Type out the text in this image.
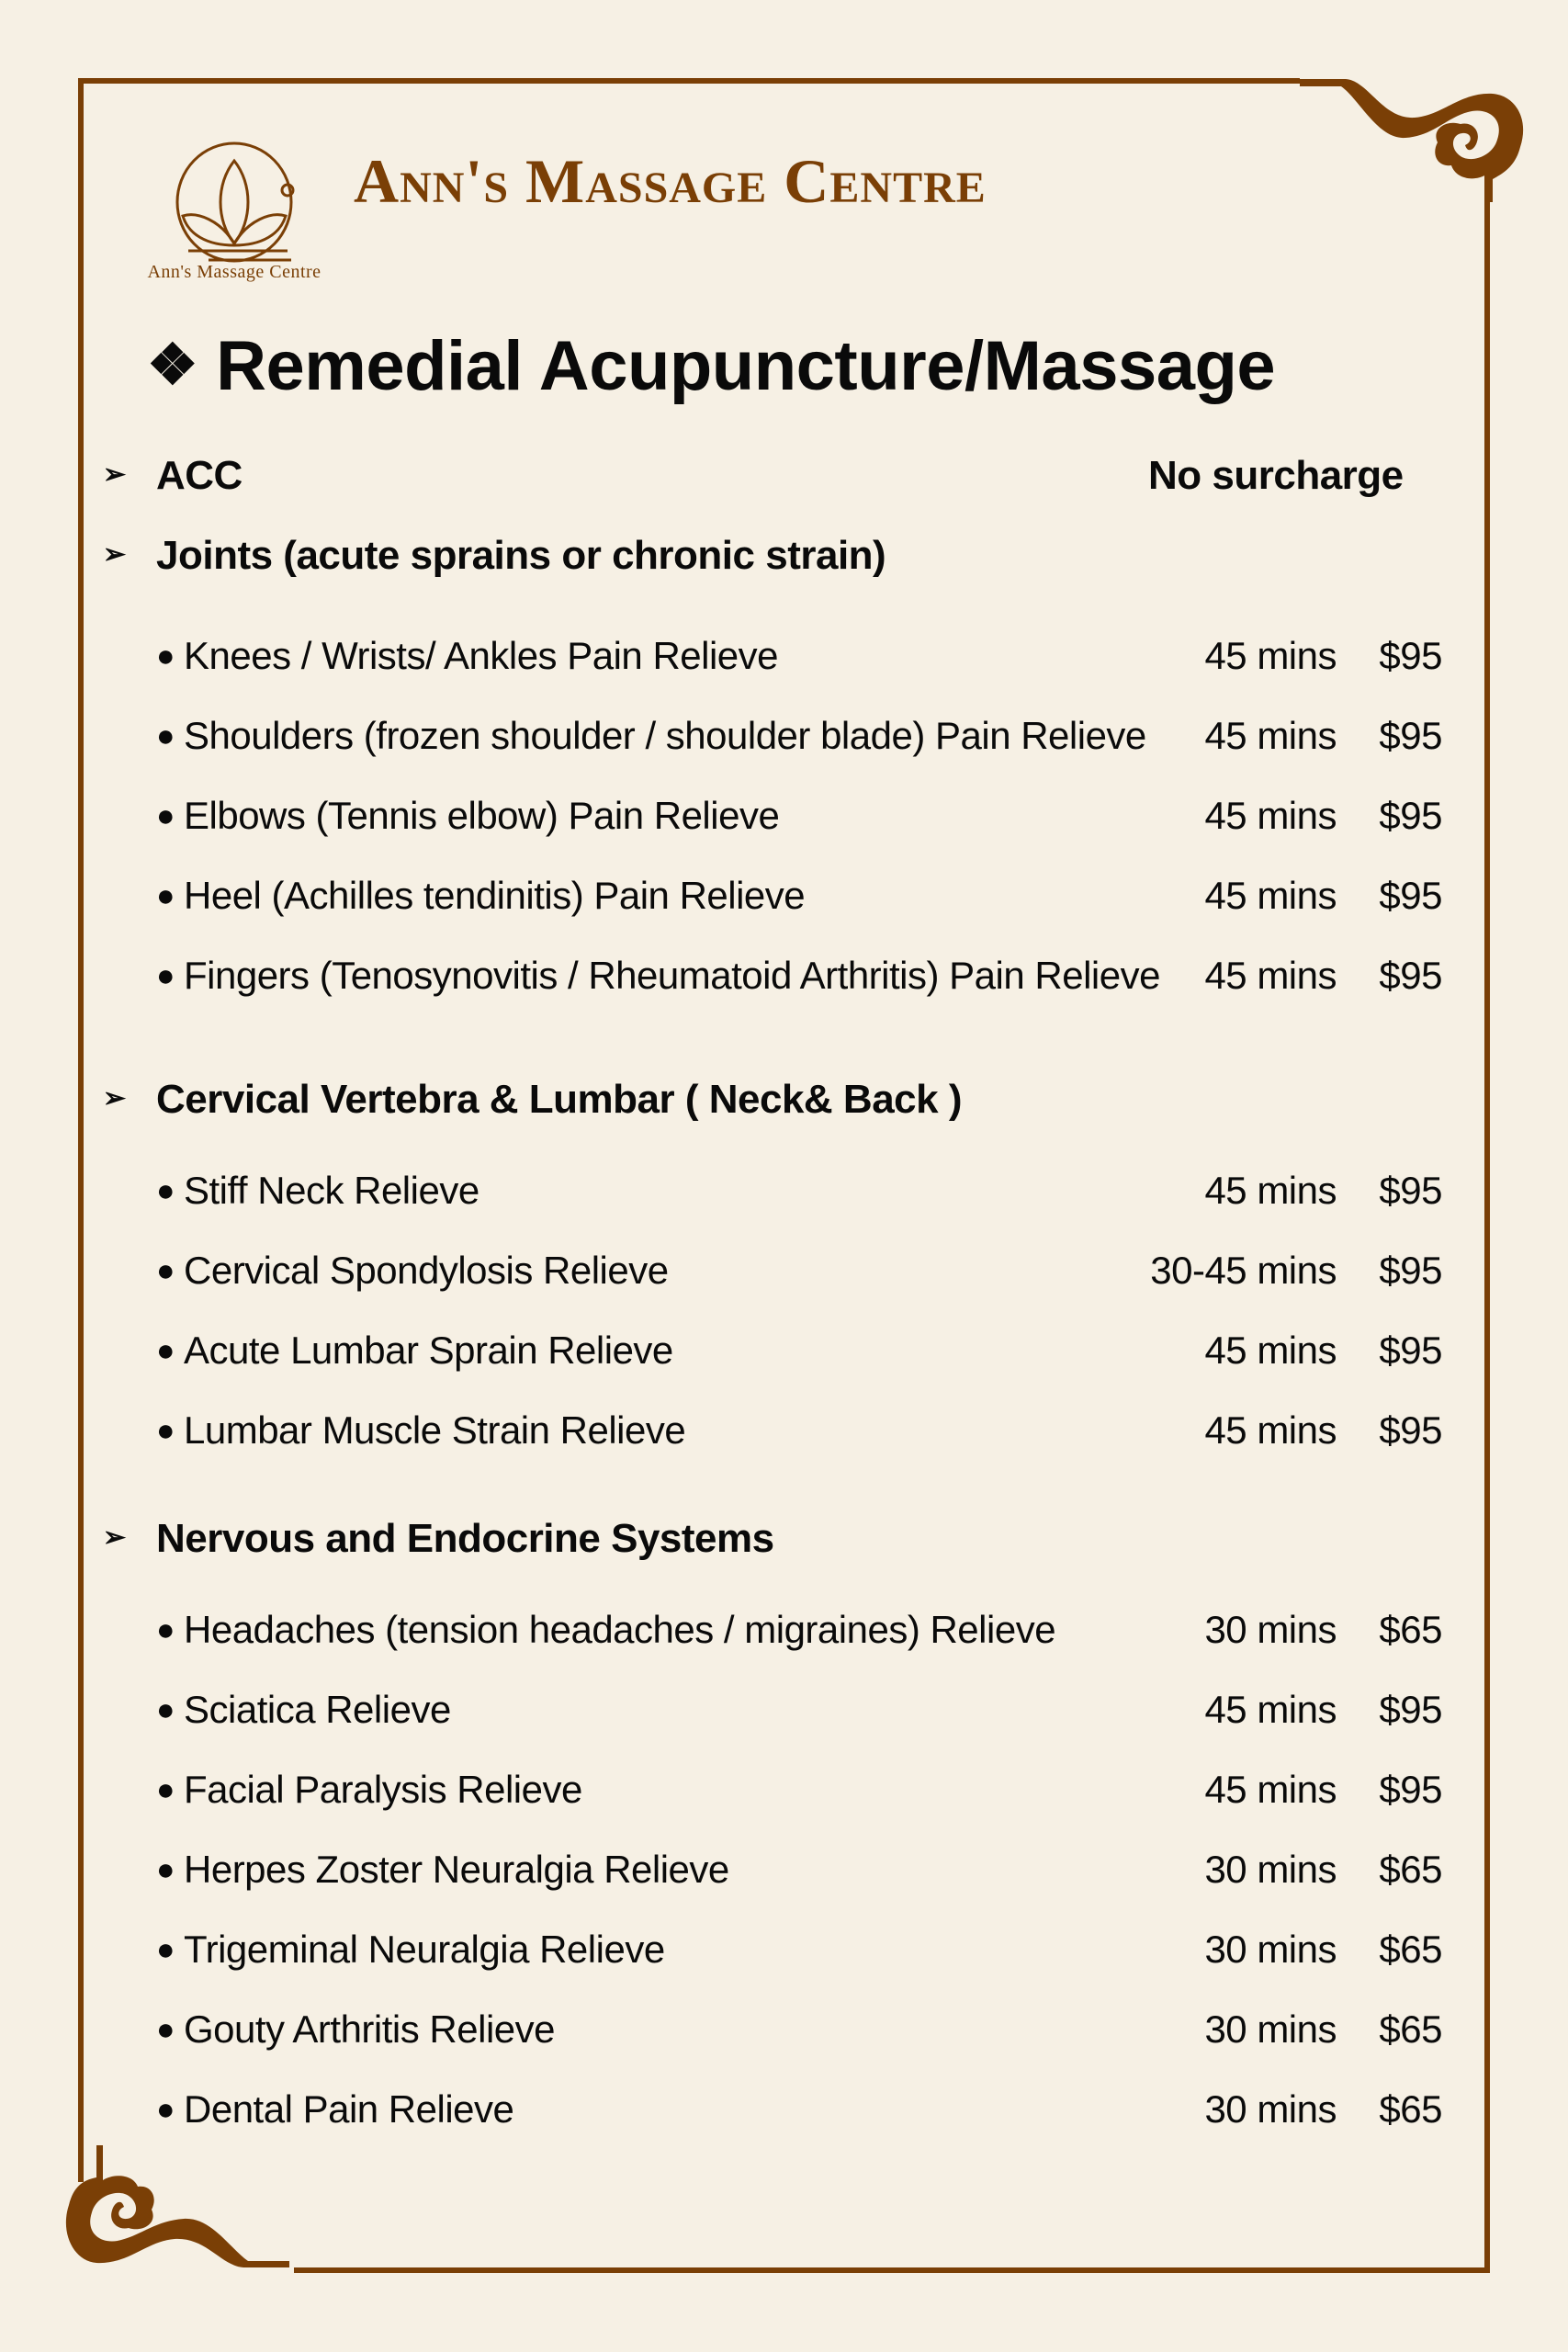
Ann's Massage Centre
Ann's Massage Centre
❖ Remedial Acupuncture/Massage
➢ ACC	No surcharge
➢ Joints (acute sprains or chronic strain)
● Knees / Wrists/ Ankles Pain Relieve	45 mins $95
● Shoulders (frozen shoulder / shoulder blade) Pain Relieve 45 mins $95
● Elbows (Tennis elbow) Pain Relieve	45 mins $95
● Heel (Achilles tendinitis) Pain Relieve	45 mins $95
● Fingers (Tenosynovitis / Rheumatoid Arthritis) Pain Relieve 45 mins $95
➢ Cervical Vertebra & Lumbar ( Neck& Back )
● Stiff Neck Relieve	45 mins $95
● Cervical Spondylosis Relieve	30-45 mins $95
● Acute Lumbar Sprain Relieve	45 mins $95
● Lumbar Muscle Strain Relieve	45 mins $95
➢ Nervous and Endocrine Systems
● Headaches (tension headaches / migraines) Relieve	30 mins $65
● Sciatica Relieve	45 mins $95
● Facial Paralysis Relieve	45 mins $95
● Herpes Zoster Neuralgia Relieve	30 mins $65
● Trigeminal Neuralgia Relieve	30 mins $65
● Gouty Arthritis Relieve	30 mins $65
● Dental Pain Relieve	30 mins $65
